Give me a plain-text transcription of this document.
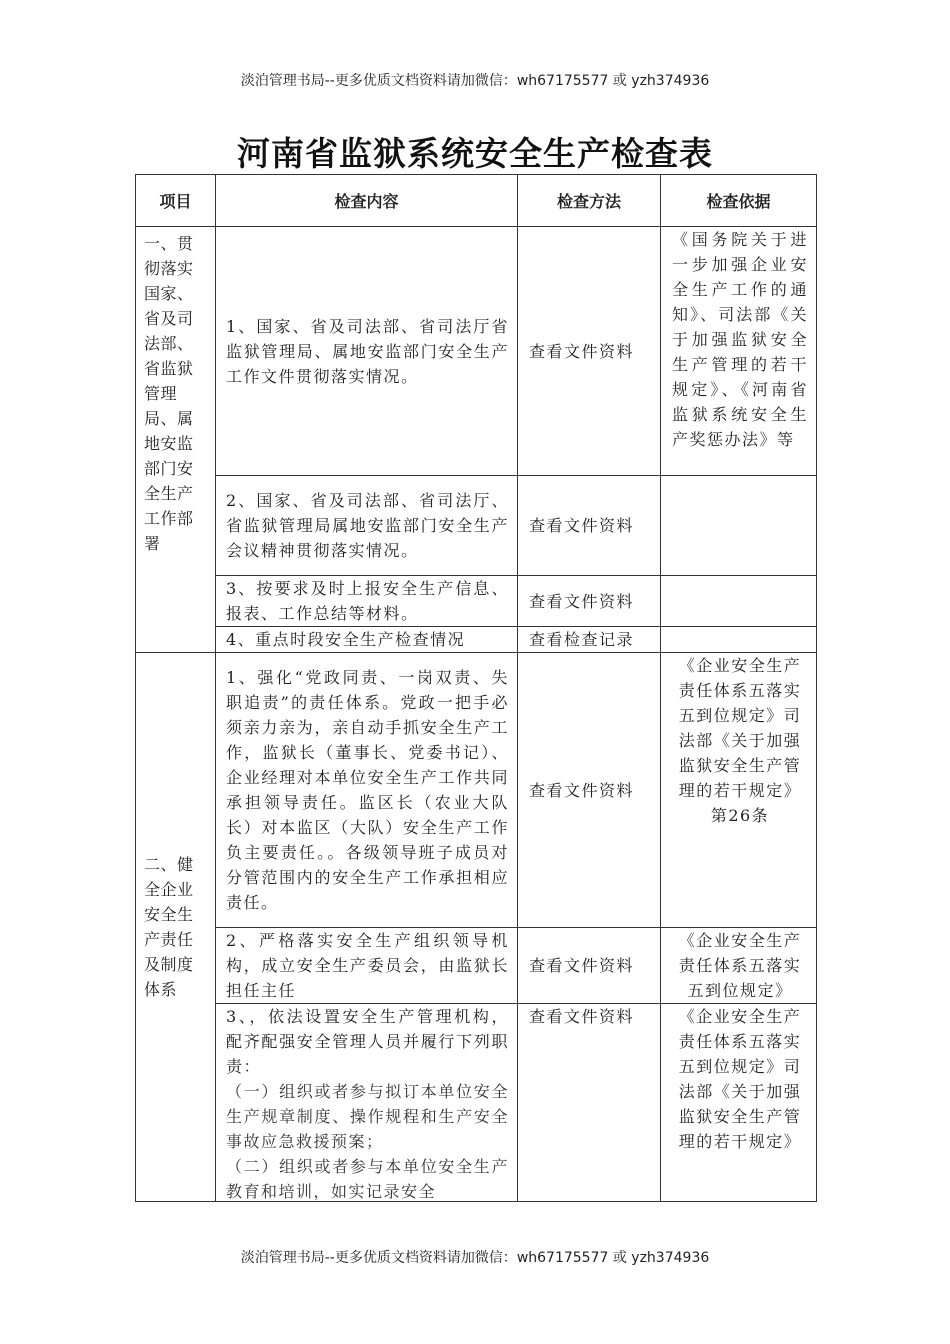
淡泊管理书局--更多优质文档资料请加微信：wh67175577 或 yzh374936
河南省监狱系统安全生产检查表
项目	检查内容	检查方法	检查依据
一、贯彻落实国家、省及司法部、省监狱管理局、属地安监部门安全生产工作部署	1、国家、省及司法部、省司法厅省监狱管理局、属地安监部门安全生产工作文件贯彻落实情况。	查看文件资料	《国务院关于进一步加强企业安全生产工作的通知》、司法部《关于加强监狱安全生产管理的若干规定》、《河南省监狱系统安全生产奖惩办法》等
	2、国家、省及司法部、省司法厅、省监狱管理局属地安监部门安全生产会议精神贯彻落实情况。	查看文件资料	
	3、按要求及时上报安全生产信息、报表、工作总结等材料。	查看文件资料	
	4、重点时段安全生产检查情况	查看检查记录	
二、健全企业安全生产责任及制度体系	1、强化“党政同责、一岗双责、失职追责”的责任体系。党政一把手必须亲力亲为，亲自动手抓安全生产工作，监狱长（董事长、党委书记）、企业经理对本单位安全生产工作共同承担领导责任。监区长（农业大队长）对本监区（大队）安全生产工作负主要责任。。各级领导班子成员对分管范围内的安全生产工作承担相应责任。	查看文件资料	《企业安全生产责任体系五落实五到位规定》司法部《关于加强监狱安全生产管理的若干规定》第26条
	2、严格落实安全生产组织领导机构，成立安全生产委员会，由监狱长担任主任	查看文件资料	《企业安全生产责任体系五落实五到位规定》

	3、，依法设置安全生产管理机构，配齐配强安全管理人员并履行下列职责：
（一）组织或者参与拟订本单位安全生产规章制度、操作规程和生产安全事故应急救援预案；
（二）组织或者参与本单位安全生产教育和培训，如实记录安全	查看文件资料	《企业安全生产责任体系五落实五到位规定》司法部《关于加强监狱安全生产管理的若干规定》
淡泊管理书局--更多优质文档资料请加微信：wh67175577 或 yzh374936
